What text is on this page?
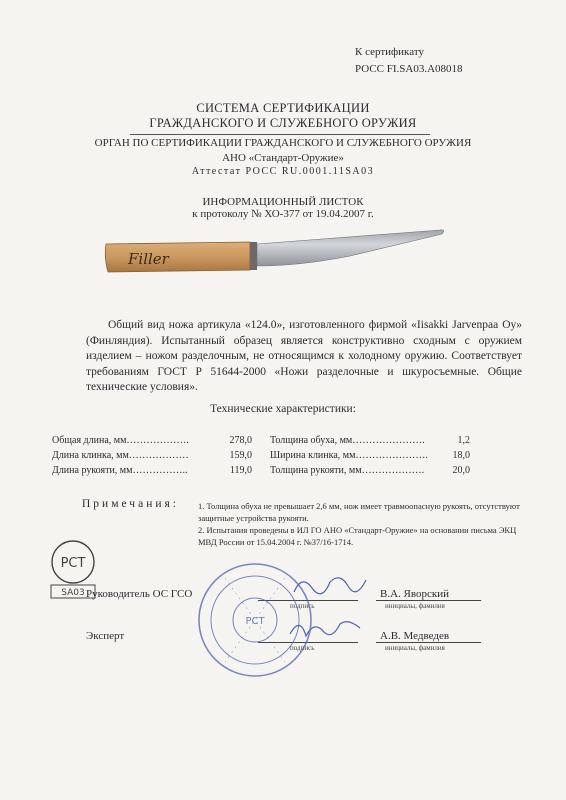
К сертификату
РОСС FI.SA03.A08018
СИСТЕМА СЕРТИФИКАЦИИ
ГРАЖДАНСКОГО И СЛУЖЕБНОГО ОРУЖИЯ
ОРГАН ПО СЕРТИФИКАЦИИ ГРАЖДАНСКОГО И СЛУЖЕБНОГО ОРУЖИЯ
АНО «Стандарт-Оружие»
Аттестат РОСС RU.0001.11SA03
ИНФОРМАЦИОННЫЙ ЛИСТОК
к протоколу № ХО-377 от 19.04.2007 г.
Filler
Общий вид ножа артикула «124.0», изготовленного фирмой «Iisakki Jarvenpaa Oy» (Финляндия). Испытанный образец является конструктивно сходным с оружием изделием – ножом разделочным, не относящимся к холодному оружию. Соответствует требованиям ГОСТ Р 51644-2000 «Ножи разделочные и шкуросъемные. Общие технические условия».
Технические характеристики:
Общая длина, мм……………….	278,0
Длина клинка, мм………………	159,0
Длина рукояти, мм……………..	119,0
Толщина обуха, мм………………….	1,2
Ширина клинка, мм…………………. 18,0
Толщина рукояти, мм……………….	20,0
Примечания: 1. Толщина обуха не превышает 2,6 мм, нож имеет травмоопасную рукоять, отсутствуют защитные устройства рукояти.
2. Испытания проведены в ИЛ ГО АНО «Стандарт-Оружие» на основании письма ЭКЦ МВД России от 15.04.2004 г. №37/16-1714.
РСТ
SA03 Руководитель ОС ГСО
подпись
В.А. Яворский
инициалы, фамилия
Эксперт
подпись
А.В. Медведев
инициалы, фамилия
РСТ
